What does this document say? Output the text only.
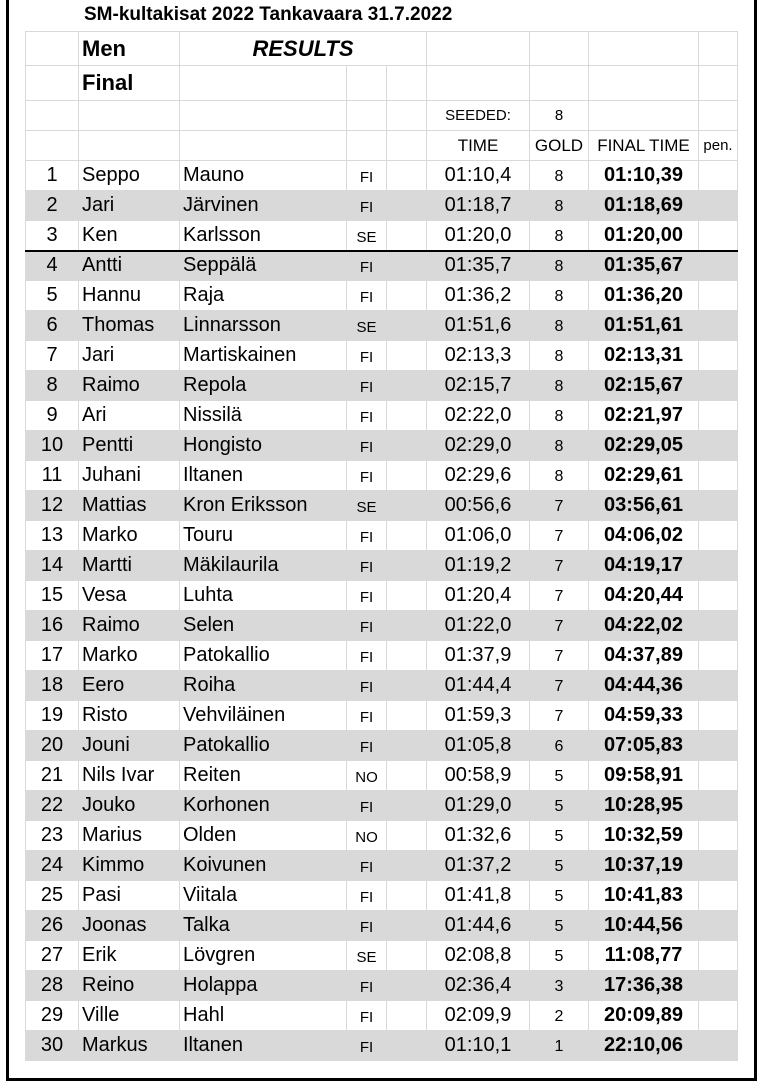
SM-kultakisat 2022 Tankavaara 31.7.2022
	Men	RESULTS						
	Final							
					SEEDED:	8		
					TIME	GOLD	FINAL TIME	pen.
1	Seppo	Mauno	FI		01:10,4	8	01:10,39	
2	Jari	Järvinen	FI		01:18,7	8	01:18,69	
3	Ken	Karlsson	SE		01:20,0	8	01:20,00	
4	Antti	Seppälä	FI		01:35,7	8	01:35,67	
5	Hannu	Raja	FI		01:36,2	8	01:36,20	
6	Thomas	Linnarsson	SE		01:51,6	8	01:51,61	
7	Jari	Martiskainen	FI		02:13,3	8	02:13,31	
8	Raimo	Repola	FI		02:15,7	8	02:15,67	
9	Ari	Nissilä	FI		02:22,0	8	02:21,97	
10	Pentti	Hongisto	FI		02:29,0	8	02:29,05	
11	Juhani	Iltanen	FI		02:29,6	8	02:29,61	
12	Mattias	Kron Eriksson	SE		00:56,6	7	03:56,61	
13	Marko	Touru	FI		01:06,0	7	04:06,02	
14	Martti	Mäkilaurila	FI		01:19,2	7	04:19,17	
15	Vesa	Luhta	FI		01:20,4	7	04:20,44	
16	Raimo	Selen	FI		01:22,0	7	04:22,02	
17	Marko	Patokallio	FI		01:37,9	7	04:37,89	
18	Eero	Roiha	FI		01:44,4	7	04:44,36	
19	Risto	Vehviläinen	FI		01:59,3	7	04:59,33	
20	Jouni	Patokallio	FI		01:05,8	6	07:05,83	
21	Nils Ivar	Reiten	NO		00:58,9	5	09:58,91	
22	Jouko	Korhonen	FI		01:29,0	5	10:28,95	
23	Marius	Olden	NO		01:32,6	5	10:32,59	
24	Kimmo	Koivunen	FI		01:37,2	5	10:37,19	
25	Pasi	Viitala	FI		01:41,8	5	10:41,83	
26	Joonas	Talka	FI		01:44,6	5	10:44,56	
27	Erik	Lövgren	SE		02:08,8	5	11:08,77	
28	Reino	Holappa	FI		02:36,4	3	17:36,38	
29	Ville	Hahl	FI		02:09,9	2	20:09,89	
30	Markus	Iltanen	FI		01:10,1	1	22:10,06	
